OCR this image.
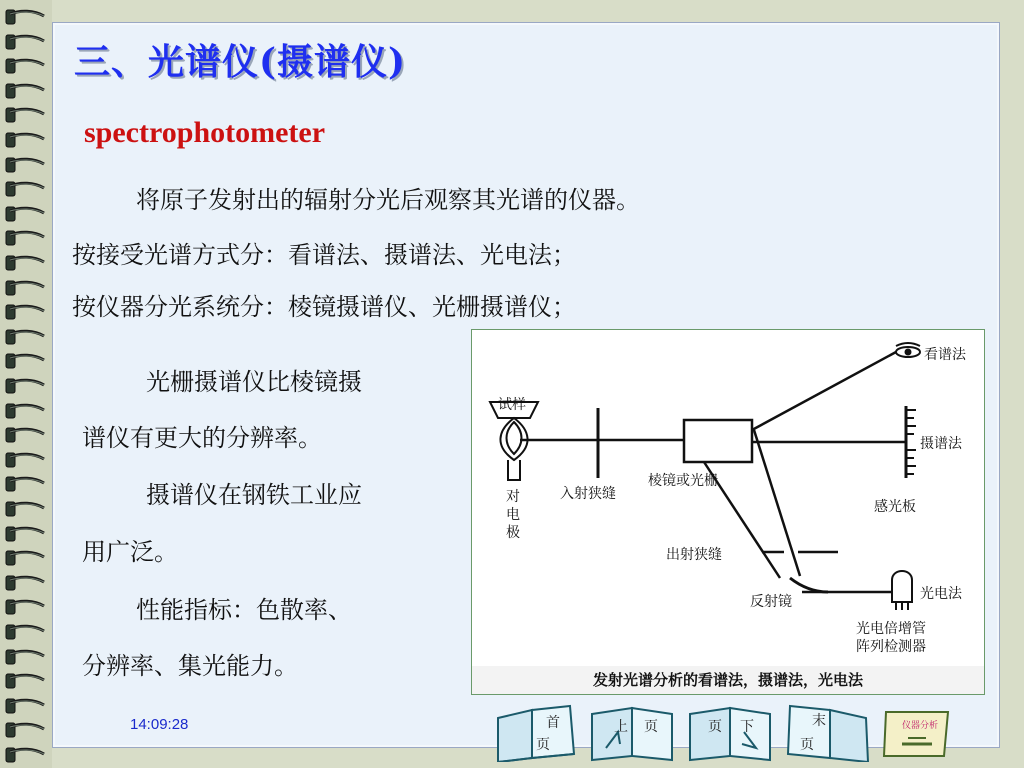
三、光谱仪(摄谱仪)
spectrophotometer
将原子发射出的辐射分光后观察其光谱的仪器。
按接受光谱方式分：看谱法、摄谱法、光电法；
按仪器分光系统分：棱镜摄谱仪、光栅摄谱仪；
光栅摄谱仪比棱镜摄
谱仪有更大的分辨率。
摄谱仪在钢铁工业应
用广泛。
性能指标：色散率、
分辨率、集光能力。
试样
对电极
入射狭缝
棱镜或光栅
看谱法
摄谱法
感光板
出射狭缝
反射镜	光电法
光电倍增管
阵列检测器
发射光谱分析的看谱法，摄谱法，光电法
14:09:28	首
页
上 页	页 下	末
页
仪器分析
